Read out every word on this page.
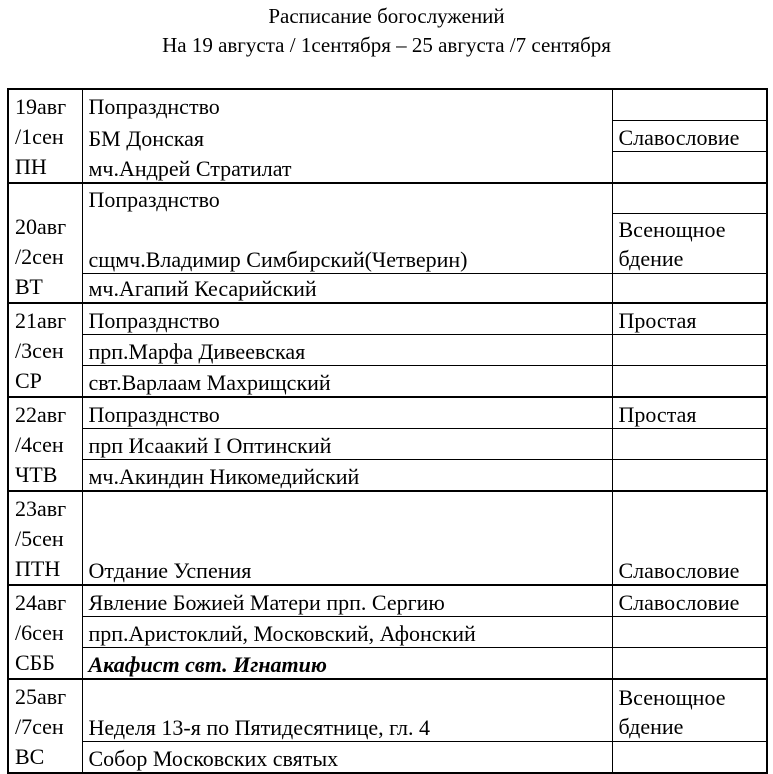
Расписание богослужений
На 19 августа / 1сентября – 25 августа /7 сентября
19авг
/1сен
ПН	Попразднство	
	БМ Донская	Славословие
	мч.Андрей Стратилат	
20авг
/2сен
ВТ	Попразднство	
	сщмч.Владимир Симбирский(Четверин)	Всенощное бдение
	мч.Агапий Кесарийский	
21авг
/3сен
СР	Попразднство	Простая
	прп.Марфа Дивеевская	
	свт.Варлаам Махрищский	
22авг
/4сен
ЧТВ	Попразднство	Простая
	прп Исаакий I Оптинский	
	мч.Акиндин Никомедийский	
23авг
/5сен
ПТН	Отдание Успения	Славословие
24авг
/6сен
СББ	Явление Божией Матери прп. Сергию	Славословие
	прп.Аристоклий, Московский, Афонский	
	Акафист свт. Игнатию	
25авг
/7сен
ВС	Неделя 13-я по Пятидесятнице, гл. 4	Всенощное бдение
	Собор Московских святых	
